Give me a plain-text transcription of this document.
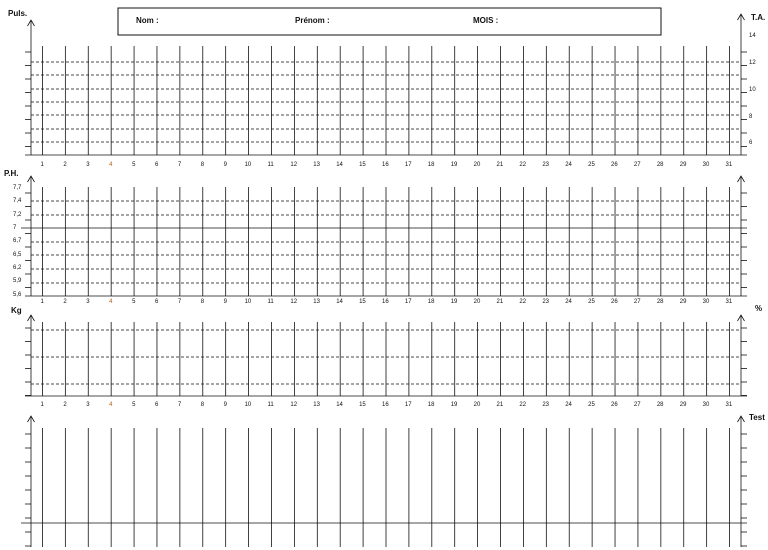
Nom :	Prénom :	MOIS :
Puls.	T.A.
P.H.
Kg	%
Test
14
12
10
8
6
7,7
7,4
7,2
7
6,7
6,5
6,2
5,9
5,6
1	2	3	4	5	6	7	8	9	10	11	12	13	14	15	16	17	18	19	20	21	22	23	24	25	26	27	28	29	30	31
1	2	3	4	5	6	7	8	9	10	11	12	13	14	15	16	17	18	19	20	21	22	23	24	25	26	27	28	29	30	31
1	2	3	4	5	6	7	8	9	10	11	12	13	14	15	16	17	18	19	20	21	22	23	24	25	26	27	28	29	30	31
